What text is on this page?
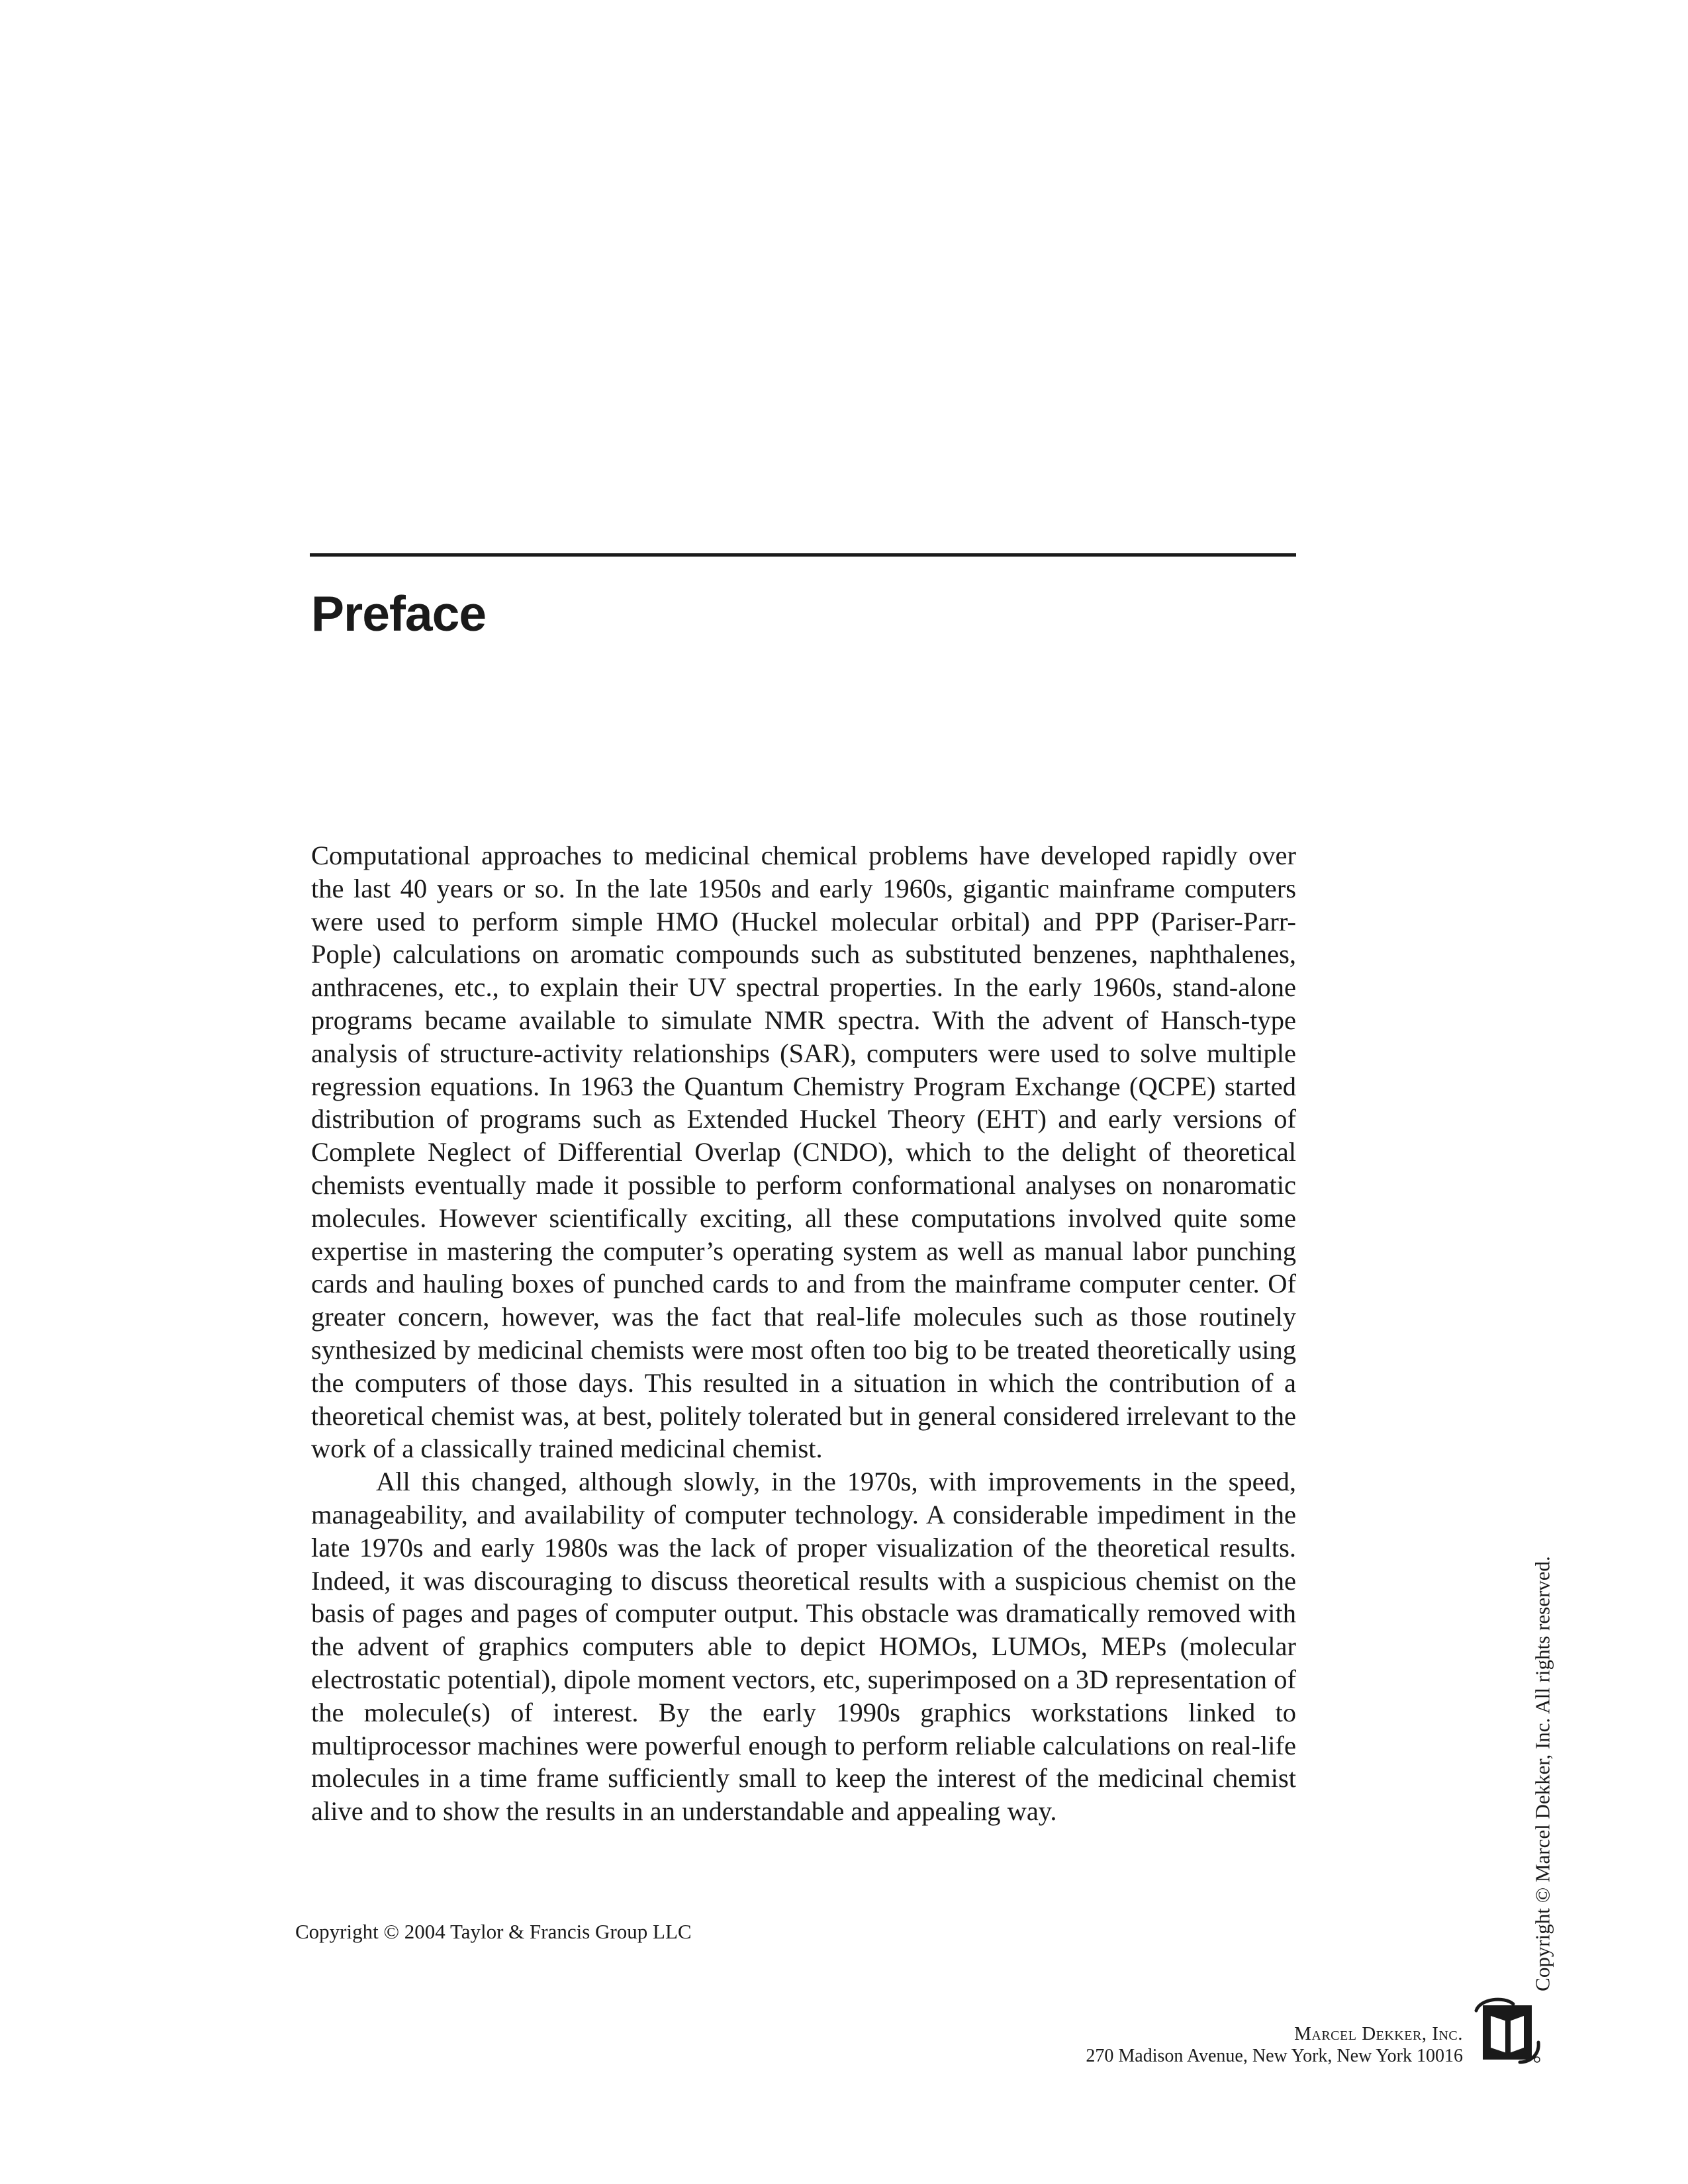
Preface

Computational approaches to medicinal chemical problems have developed rapidly over the last 40 years or so. In the late 1950s and early 1960s, gigantic mainframe computers were used to perform simple HMO (Huckel molecular orbital) and PPP (Pariser-Parr-Pople) calculations on aromatic compounds such as substituted benzenes, naphthalenes, anthracenes, etc., to explain their UV spectral properties. In the early 1960s, stand-alone programs became available to simulate NMR spectra. With the advent of Hansch-type analysis of structure-activity relationships (SAR), computers were used to solve multiple regression equations. In 1963 the Quantum Chemistry Program Exchange (QCPE) started distribution of programs such as Extended Huckel Theory (EHT) and early versions of Complete Neglect of Differential Overlap (CNDO), which to the delight of theoretical chemists eventually made it possible to perform conformational analyses on nonaromatic molecules. However scientifically exciting, all these computations involved quite some expertise in mastering the computer’s operating system as well as manual labor punching cards and hauling boxes of punched cards to and from the mainframe computer center. Of greater concern, however, was the fact that real-life molecules such as those routinely synthesized by medicinal chemists were most often too big to be treated theoretically using the computers of those days. This resulted in a situation in which the contribution of a theoretical chemist was, at best, politely tolerated but in general considered irrelevant to the work of a classically trained medicinal chemist.

All this changed, although slowly, in the 1970s, with improvements in the speed, manageability, and availability of computer technology. A considerable impediment in the late 1970s and early 1980s was the lack of proper visualization of the theoretical results. Indeed, it was discouraging to discuss theoretical results with a suspicious chemist on the basis of pages and pages of computer output. This obstacle was dramatically removed with the advent of graphics computers able to depict HOMOs, LUMOs, MEPs (molecular electrostatic potential), dipole moment vectors, etc, superimposed on a 3D representation of the molecule(s) of interest. By the early 1990s graphics workstations linked to multiprocessor machines were powerful enough to perform reliable calculations on real-life molecules in a time frame sufficiently small to keep the interest of the medicinal chemist alive and to show the results in an understandable and appealing way.

Copyright © 2004 Taylor & Francis Group LLC	Copyright © Marcel Dekker, Inc. All rights reserved.
Marcel Dekker, Inc.
270 Madison Avenue, New York, New York 10016
